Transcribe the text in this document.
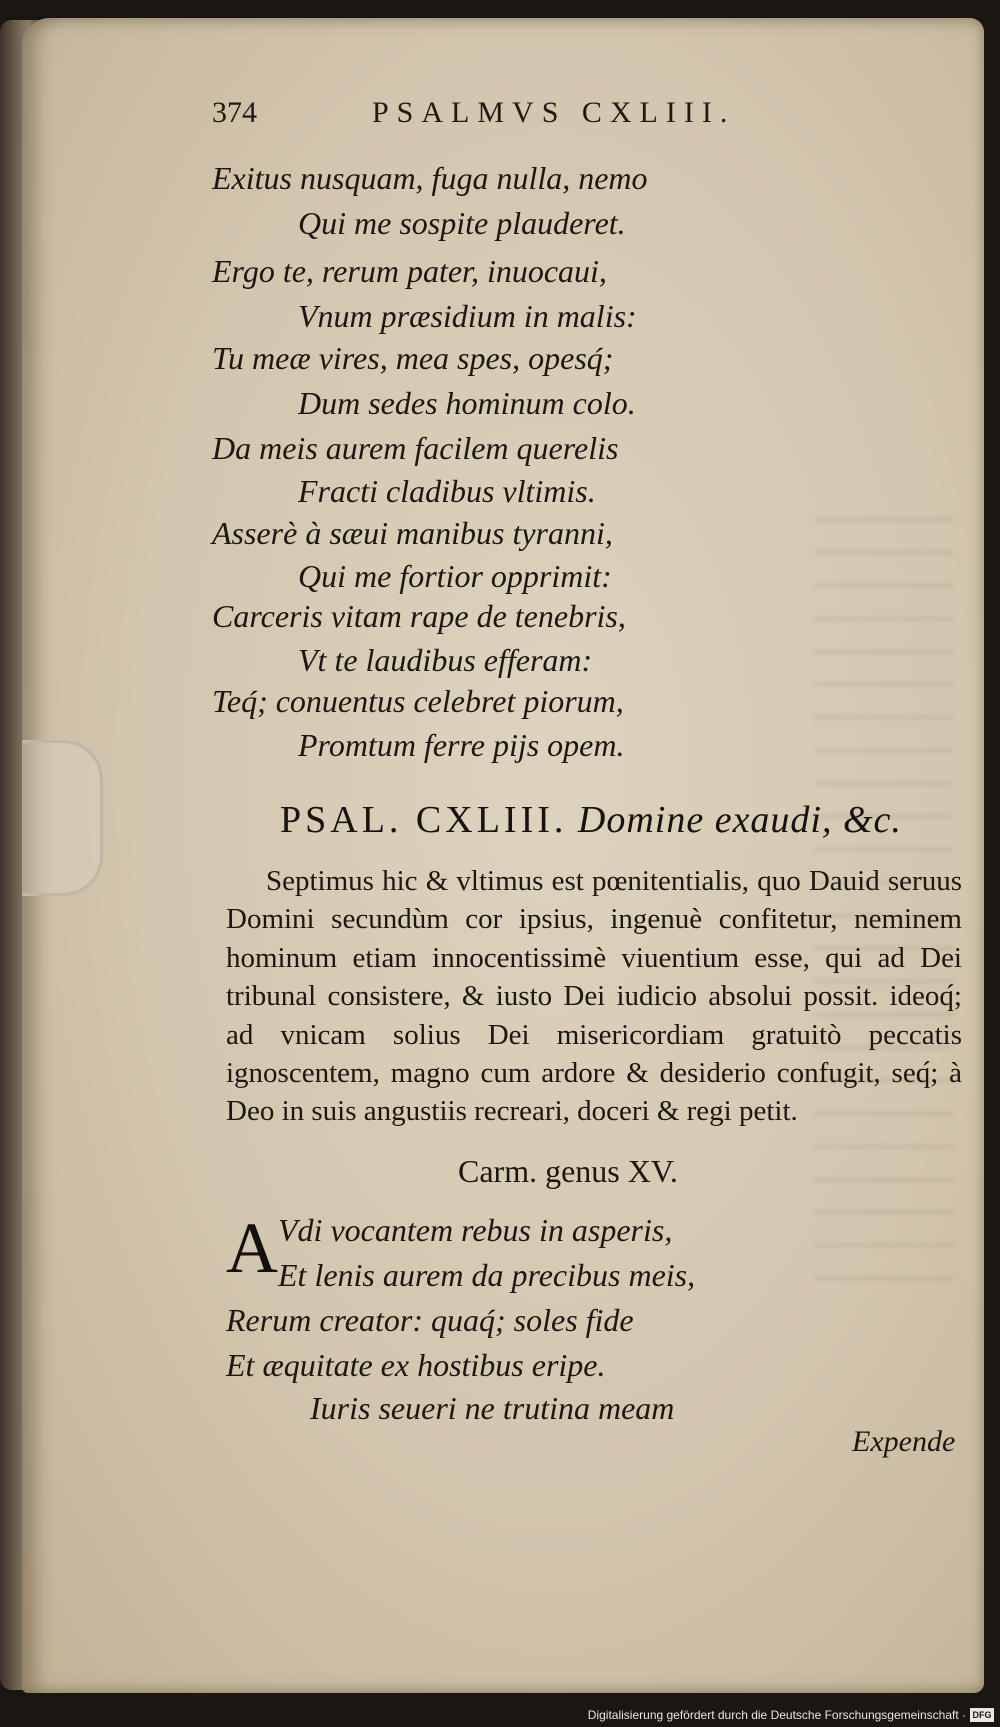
374	PSALMVS CXLIII.
Exitus nusquam, fuga nulla, nemo
Qui me sospite plauderet.
Ergo te, rerum pater, inuocaui,
Vnum præsidium in malis:
Tu meæ vires, mea spes, opesq́;
Dum sedes hominum colo.
Da meis aurem facilem querelis
Fracti cladibus vltimis.
Asserè à sæui manibus tyranni,
Qui me fortior opprimit:
Carceris vitam rape de tenebris,
Vt te laudibus efferam:
Teq́; conuentus celebret piorum,
Promtum ferre pijs opem.
PSAL. CXLIII. Domine exaudi, &c.

Septimus hic & vltimus est pœnitentialis, quo Dauid seruus Domini secundùm cor ipsius, ingenuè confitetur, neminem hominum etiam innocentissimè viuentium esse, qui ad Dei tribunal consistere, & iusto Dei iudicio absolui possit. ideoq́; ad vnicam solius Dei misericordiam gratuitò peccatis ignoscentem, magno cum ardore & desiderio confugit, seq́; à Deo in suis angustiis recreari, doceri & regi petit.

Carm. genus XV.
A Vdi vocantem rebus in asperis,
Et lenis aurem da precibus meis,
Rerum creator: quaq́; soles fide
Et æquitate ex hostibus eripe.
Iuris seueri ne trutina meam
Expende
Digitalisierung gefördert durch die Deutsche Forschungsgemeinschaft · DFG
